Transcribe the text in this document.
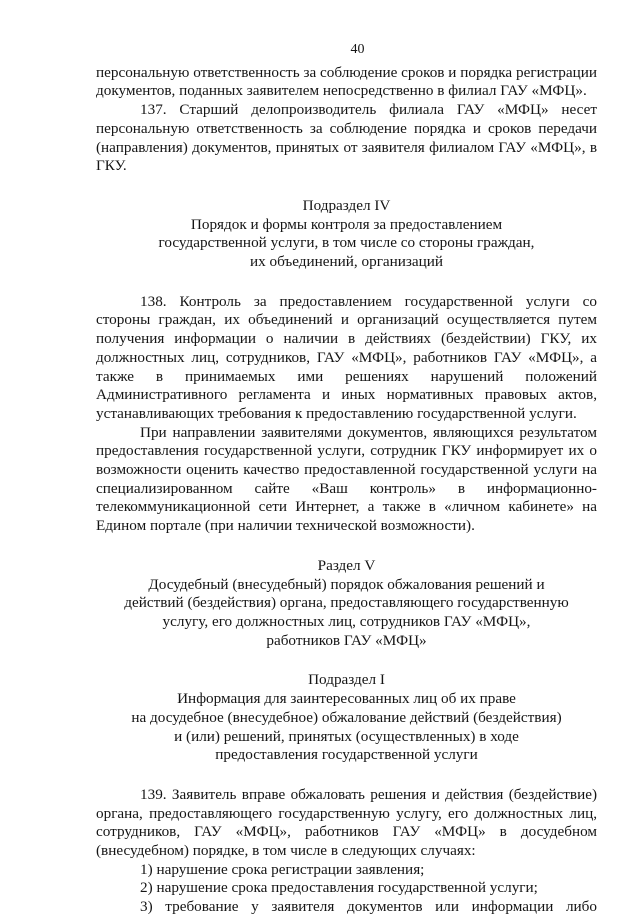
40

персональную ответственность за соблюдение сроков и порядка регистрации документов, поданных заявителем непосредственно в филиал ГАУ «МФЦ».

137. Старший делопроизводитель филиала ГАУ «МФЦ» несет персональную ответственность за соблюдение порядка и сроков передачи (направления) документов, принятых от заявителя филиалом ГАУ «МФЦ», в ГКУ.

Подраздел IV
Порядок и формы контроля за предоставлением
государственной услуги, в том числе со стороны граждан,
их объединений, организаций

138. Контроль за предоставлением государственной услуги со стороны граждан, их объединений и организаций осуществляется путем получения информации о наличии в действиях (бездействии) ГКУ, их должностных лиц, сотрудников, ГАУ «МФЦ», работников ГАУ «МФЦ», а также в принимаемых ими решениях нарушений положений Административного регламента и иных нормативных правовых актов, устанавливающих требования к предоставлению государственной услуги.

При направлении заявителями документов, являющихся результатом предоставления государственной услуги, сотрудник ГКУ информирует их о возможности оценить качество предоставленной государственной услуги на специализированном сайте «Ваш контроль» в информационно-телекоммуникационной сети Интернет, а также в «личном кабинете» на Едином портале (при наличии технической возможности).

Раздел V
Досудебный (внесудебный) порядок обжалования решений и
действий (бездействия) органа, предоставляющего государственную
услугу, его должностных лиц, сотрудников ГАУ «МФЦ»,
работников ГАУ «МФЦ»
Подраздел I
Информация для заинтересованных лиц об их праве
на досудебное (внесудебное) обжалование действий (бездействия)
и (или) решений, принятых (осуществленных) в ходе
предоставления государственной услуги

139. Заявитель вправе обжаловать решения и действия (бездействие) органа, предоставляющего государственную услугу, его должностных лиц, сотрудников, ГАУ «МФЦ», работников ГАУ «МФЦ» в досудебном (внесудебном) порядке, в том числе в следующих случаях:

1) нарушение срока регистрации заявления;

2) нарушение срока предоставления государственной услуги;

3) требование у заявителя документов или информации либо
